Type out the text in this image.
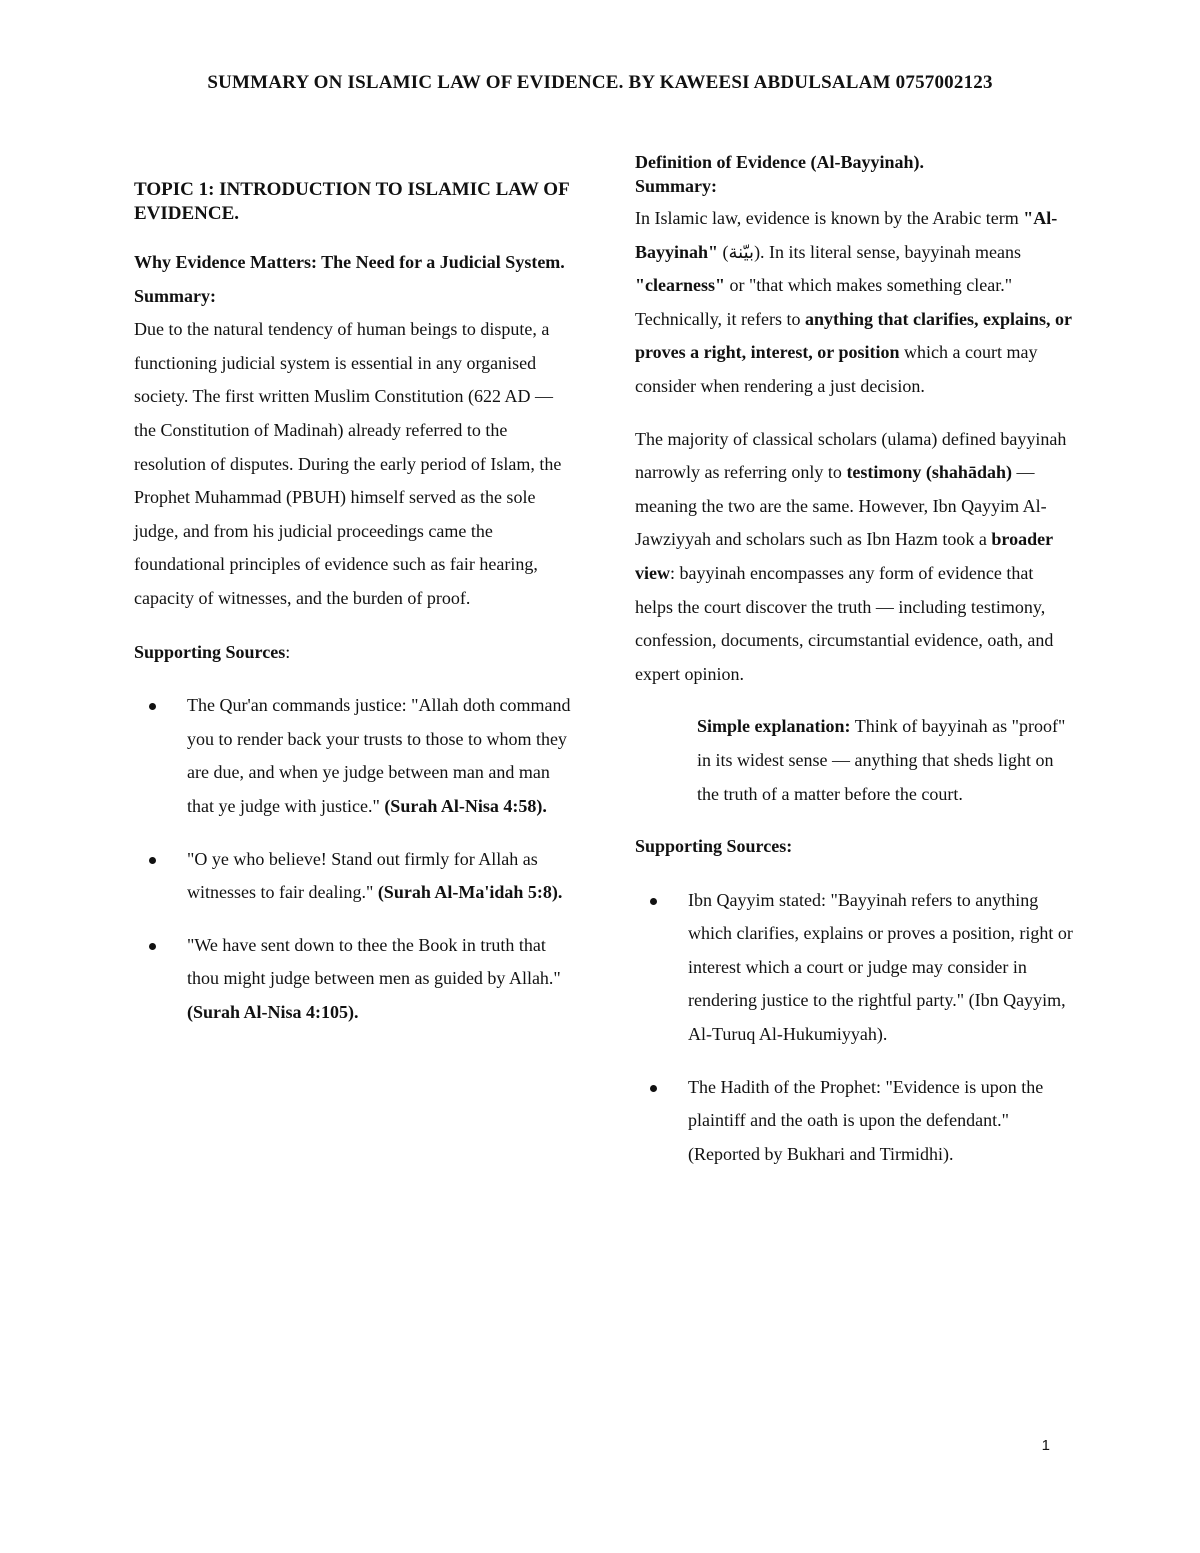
SUMMARY ON ISLAMIC LAW OF EVIDENCE. BY KAWEESI ABDULSALAM 0757002123
TOPIC 1: INTRODUCTION TO ISLAMIC LAW OF EVIDENCE.

Why Evidence Matters: The Need for a Judicial System.

Summary:

Due to the natural tendency of human beings to dispute, a functioning judicial system is essential in any organised society. The first written Muslim Constitution (622 AD — the Constitution of Madinah) already referred to the resolution of disputes. During the early period of Islam, the Prophet Muhammad (PBUH) himself served as the sole judge, and from his judicial proceedings came the foundational principles of evidence such as fair hearing, capacity of witnesses, and the burden of proof.

Supporting Sources:

The Qur'an commands justice: "Allah doth command you to render back your trusts to those to whom they are due, and when ye judge between man and man that ye judge with justice." (Surah Al-Nisa 4:58).
"O ye who believe! Stand out firmly for Allah as witnesses to fair dealing." (Surah Al-Ma'idah 5:8).
"We have sent down to thee the Book in truth that thou might judge between men as guided by Allah." (Surah Al-Nisa 4:105).

Definition of Evidence (Al-Bayyinah).

Summary:

In Islamic law, evidence is known by the Arabic term "Al-Bayyinah" (بيّنة). In its literal sense, bayyinah means "clearness" or "that which makes something clear." Technically, it refers to anything that clarifies, explains, or proves a right, interest, or position which a court may consider when rendering a just decision.

The majority of classical scholars (ulama) defined bayyinah narrowly as referring only to testimony (shahādah) — meaning the two are the same. However, Ibn Qayyim Al-Jawziyyah and scholars such as Ibn Hazm took a broader view: bayyinah encompasses any form of evidence that helps the court discover the truth — including testimony, confession, documents, circumstantial evidence, oath, and expert opinion.

Simple explanation: Think of bayyinah as "proof" in its widest sense — anything that sheds light on the truth of a matter before the court.

Supporting Sources:

Ibn Qayyim stated: "Bayyinah refers to anything which clarifies, explains or proves a position, right or interest which a court or judge may consider in rendering justice to the rightful party." (Ibn Qayyim, Al-Turuq Al-Hukumiyyah).
The Hadith of the Prophet: "Evidence is upon the plaintiff and the oath is upon the defendant." (Reported by Bukhari and Tirmidhi).
1
